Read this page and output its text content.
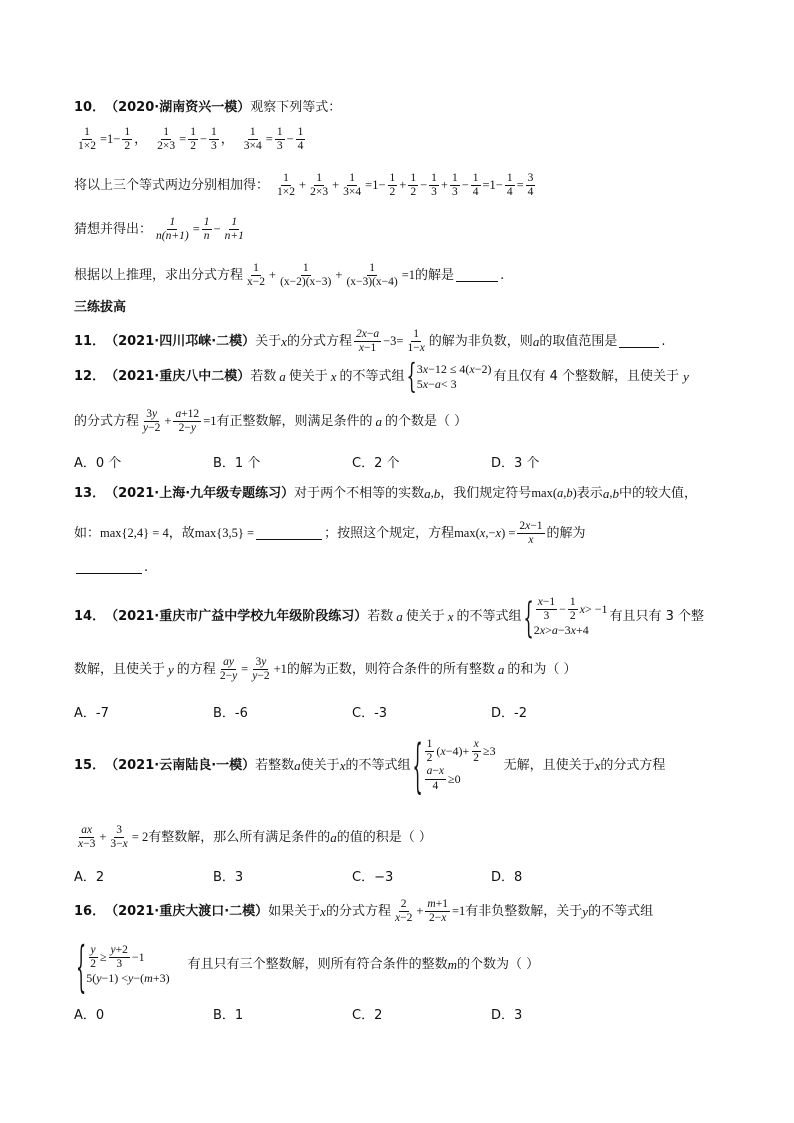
10． （2020·湖南资兴一模） 观察下列等式：
$\frac{1}{1\times 2} =1- \frac{1}{2}$ ， $\frac{1}{2\times 3} = \frac{1}{2} - \frac{1}{3}$ ， $\frac{1}{3\times 4} = \frac{1}{3} - \frac{1}{4}$
将以上三个等式两边分别相加得： $\frac{1}{1\times 2} + \frac{1}{2\times 3} + \frac{1}{3\times 4} =1- \frac{1}{2} + \frac{1}{2} - \frac{1}{3} + \frac{1}{3} - \frac{1}{4} =1- \frac{1}{4} = \frac{3}{4}$
猜想并得出： $\frac{1}{n(n+1)} = \frac{1}{n} - \frac{1}{n+1}$
根据以上推理，求出分式方程 $\frac{1}{x-2} + \frac{1}{(x-2)(x-3)} + \frac{1}{(x-3)(x-4)} =1$ 的解是	.
三练拔高
11． （2021·四川邛崃·二模） 关于 x 的分式方程 $\frac{2x-a}{x-1} -3= \frac{1}{1-x}$ 的解为非负数，则 a 的取值范围是	.
12． （2021·重庆八中二模） 若数 a 使关于 x 的不等式组 { 3 x −12 ≤ 4( x −2)
5 x − a < 3	有且仅有 4 个整数解，且使关于 y
的分式方程 $\frac{3y}{y-2} + \frac{a+12}{2-y} =1$ 有正整数解，则满足条件的 a 的个数是（ ）
A．0 个	B．1 个	C．2 个	D．3 个
13． （2021·上海·九年级专题练习） 对于两个不相等的实数 a , b ，我们规定符号 max(a,b) 表示 a , b 中的较大值，
如： max{2,4} = 4 ，故 max{3,5} =	；按照这个规定，方程 $\max(x,-x) = \frac{2x-1}{x}$ 的解为
.
14． （2021·重庆市广益中学校九年级阶段练习） 若数 a 使关于 x 的不等式组 { $\frac{x-1}{3} - \frac{1}{2}$ x > −1
2 x > a −3 x +4
有且只有 3 个整
数解，且使关于 y 的方程 $\frac{ay}{2-y} = \frac{3y}{y-2} +1$ 的解为正数，则符合条件的所有整数 a 的和为（ ）
A．-7	B．-6	C．-3	D．-2
15． （2021·云南陆良·一模） 若整数 a 使关于 x 的不等式组 { $\frac{1}{2}$ ( $x -4)+ \frac{x}{2} \ge 3$
$\frac{a-x}{4} \ge 0$
无解，且使关于 x 的分式方程
$\frac{ax}{x-3} + \frac{3}{3-x} = 2$ 有整数解，那么所有满足条件的 a 的值的积是（ ）
A．2	B．3	C．−3	D．8
16． （2021·重庆大渡口·二模） 如果关于 x 的分式方程 $\frac{2}{x-2} + \frac{m+1}{2-x} =1$ 有非负整数解，关于 y 的不等式组
{ $\frac{y}{2} \ge \frac{y+2}{3} -1$
5( y −1) < y −( m +3)
有且只有三个整数解，则所有符合条件的整数 m 的个数为（ ）
A．0	B．1	C．2	D．3
